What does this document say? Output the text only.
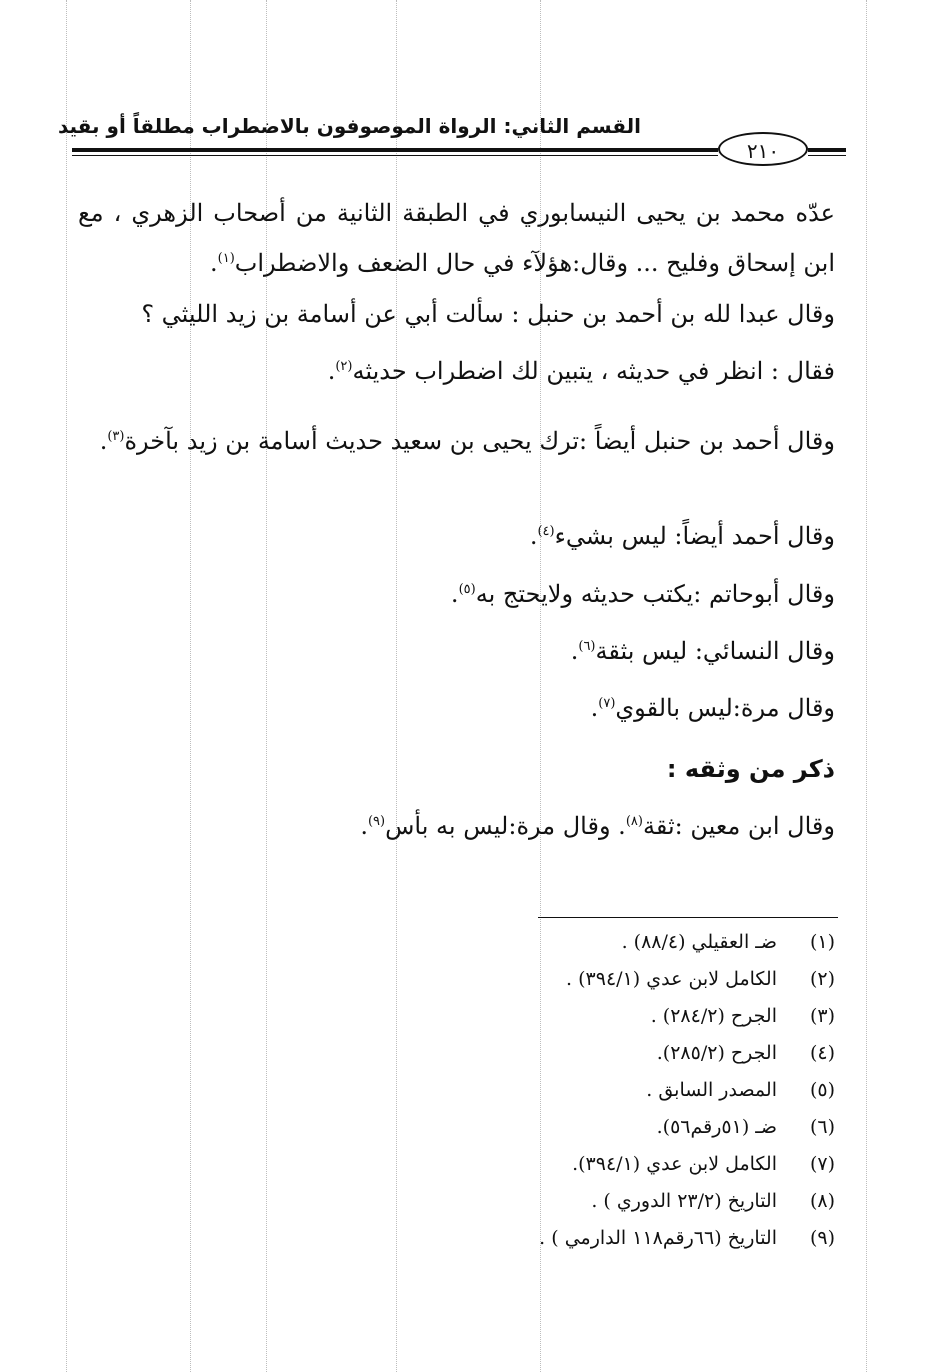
القسم الثاني: الرواة الموصوفون بالاضطراب مطلقاً أو بقيد
٢١٠
عدّه محمد بن يحيى النيسابوري في الطبقة الثانية من أصحاب الزهري ، مع ابن إسحاق وفليح ... وقال:هؤلآء في حال الضعف والاضطراب$^{(١)}$.
وقال عبدا لله بن أحمد بن حنبل : سألت أبي عن أسامة بن زيد الليثي ؟
فقال : انظر في حديثه ، يتبين لك اضطراب حديثه$^{(٢)}$.
وقال أحمد بن حنبل أيضاً :ترك يحيى بن سعيد حديث أسامة بن زيد بآخرة$^{(٣)}$.
وقال أحمد أيضاً: ليس بشيء$^{(٤)}$.
وقال أبوحاتم :يكتب حديثه ولايحتج به$^{(٥)}$.
وقال النسائي: ليس بثقة$^{(٦)}$.
وقال مرة:ليس بالقوي$^{(٧)}$.
ذكر من وثقه :
وقال ابن معين :ثقة$^{(٨)}$. وقال مرة:ليس به بأس$^{(٩)}$.
(١)ضـ العقيلي (٨٨/٤) .
(٢)الكامل لابن عدي (٣٩٤/١) .
(٣)الجرح (٢٨٤/٢) .
(٤)الجرح (٢٨٥/٢).
(٥)المصدر السابق .
(٦)ضـ (٥١رقم٥٦).
(٧)الكامل لابن عدي (٣٩٤/١).
(٨)التاريخ (٢٣/٢ الدوري ) .
(٩)التاريخ (٦٦رقم١١٨ الدارمي ) .
